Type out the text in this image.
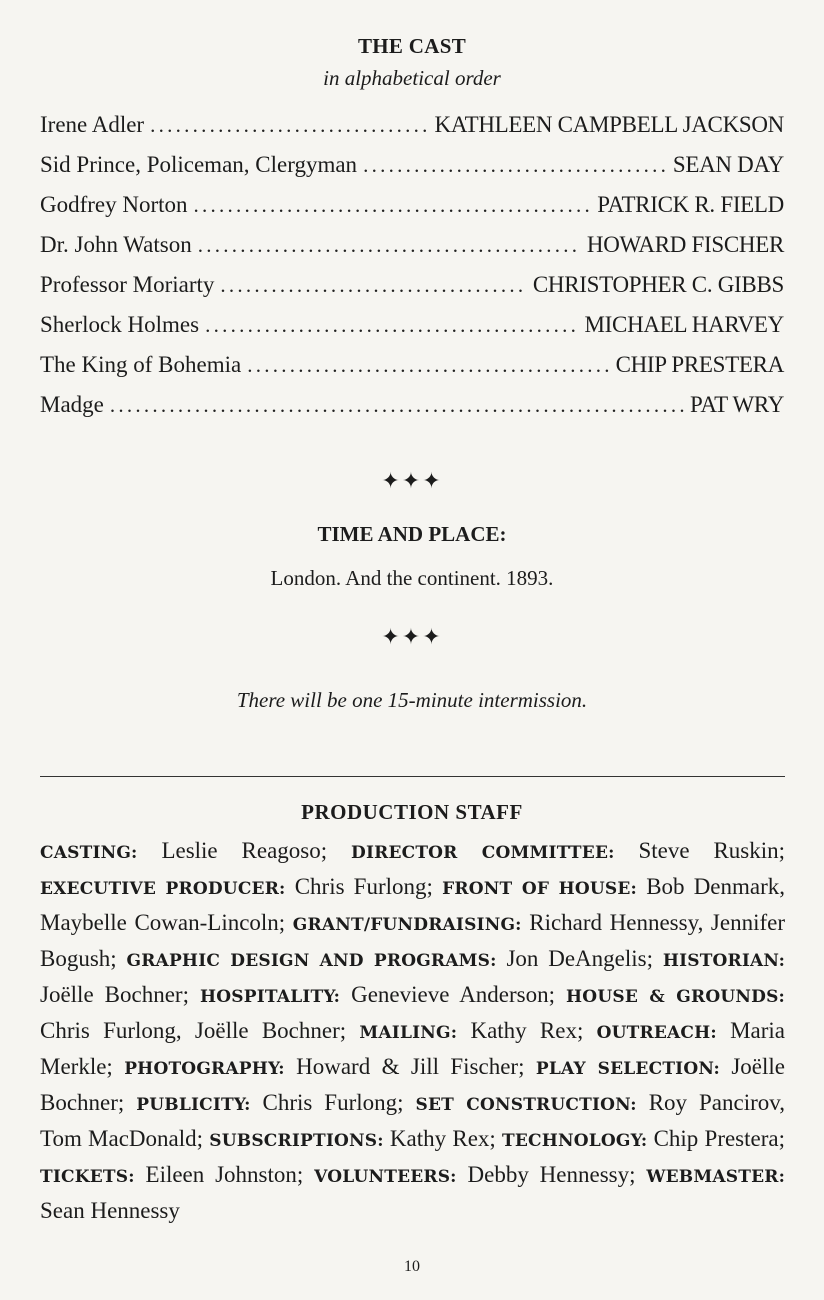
THE CAST
in alphabetical order
Irene Adler . . .	KATHLEEN CAMPBELL JACKSON
Sid Prince, Policeman, Clergyman . . .	SEAN DAY
Godfrey Norton . . .	PATRICK R. FIELD
Dr. John Watson . . .	HOWARD FISCHER
Professor Moriarty . . .	CHRISTOPHER C. GIBBS
Sherlock Holmes . . .	MICHAEL HARVEY
The King of Bohemia . . .	CHIP PRESTERA
Madge . . .	PAT WRY
✦✦✦
TIME AND PLACE:
London. And the continent. 1893.
✦✦✦
There will be one 15-minute intermission.
PRODUCTION STAFF
CASTING: Leslie Reagoso; DIRECTOR COMMITTEE: Steve Ruskin; EXECUTIVE PRODUCER: Chris Furlong; FRONT OF HOUSE: Bob Denmark, Maybelle Cowan-Lincoln; GRANT/FUNDRAISING: Richard Hennessy, Jennifer Bogush; GRAPHIC DESIGN AND PROGRAMS: Jon DeAngelis; HISTORIAN: Joëlle Bochner; HOSPITALITY: Genevieve Anderson; HOUSE & GROUNDS: Chris Furlong, Joëlle Bochner; MAILING: Kathy Rex; OUTREACH: Maria Merkle; PHOTOGRAPHY: Howard & Jill Fischer; PLAY SELECTION: Joëlle Bochner; PUBLICITY: Chris Furlong; SET CONSTRUCTION: Roy Pancirov, Tom MacDonald; SUBSCRIPTIONS: Kathy Rex; TECHNOLOGY: Chip Prestera; TICKETS: Eileen Johnston; VOLUNTEERS: Debby Hennessy; WEBMASTER: Sean Hennessy
10
